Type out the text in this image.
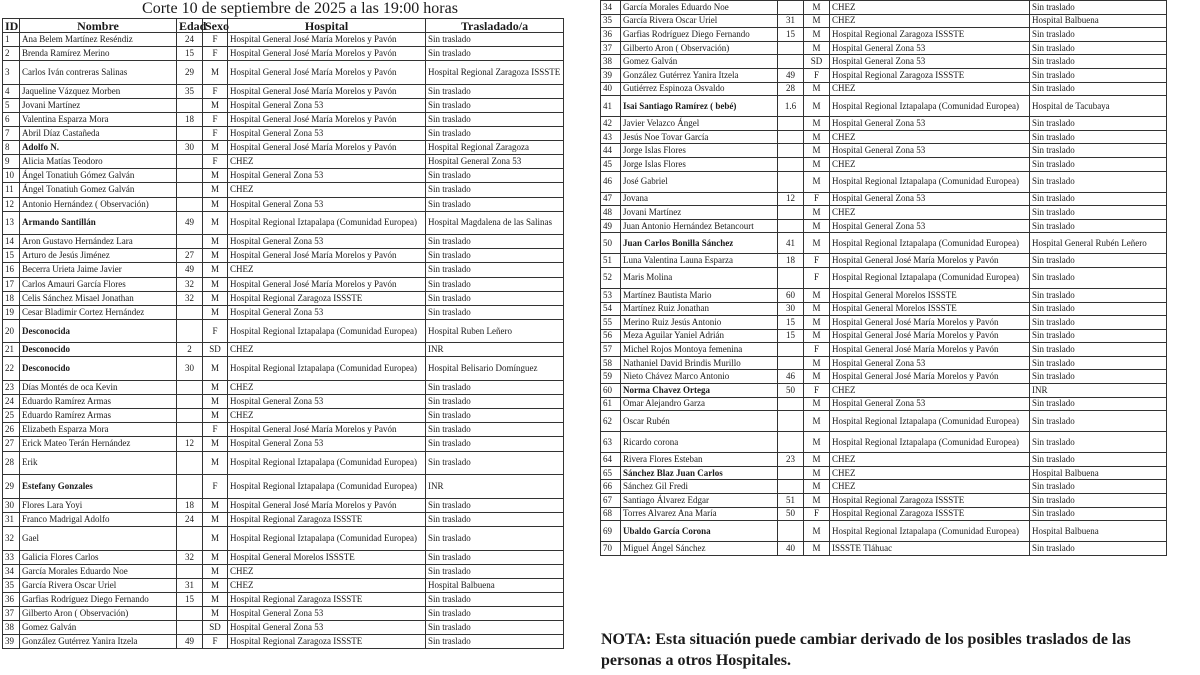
Corte 10 de septiembre de 2025 a las 19:00 horas
ID	Nombre	Edad	Sexo	Hospital	Trasladado/a
1	Ana Belem Martínez Reséndiz	24	F	Hospital General José María Morelos y Pavón	Sin traslado
2	Brenda Ramírez Merino	15	F	Hospital General José María Morelos y Pavón	Sin traslado
3	Carlos Iván contreras Salinas	29	M	Hospital General José María Morelos y Pavón	Hospital Regional Zaragoza ISSSTE
4	Jaqueline Vázquez Morben	35	F	Hospital General José María Morelos y Pavón	Sin traslado
5	Jovani Martínez		M	Hospital General Zona 53	Sin traslado
6	Valentina Esparza Mora	18	F	Hospital General José María Morelos y Pavón	Sin traslado
7	Abril Díaz Castañeda		F	Hospital General Zona 53	Sin traslado
8	Adolfo N.	30	M	Hospital General José María Morelos y Pavón	Hospital Regional Zaragoza
9	Alicia Matías Teodoro		F	CHEZ	Hospital General Zona 53
10	Ángel Tonatiuh Gómez Galván		M	Hospital General Zona 53	Sin traslado
11	Ángel Tonatiuh Gomez Galván		M	CHEZ	Sin traslado
12	Antonio Hernández ( Observación)		M	Hospital General Zona 53	Sin traslado
13	Armando Santillán	49	M	Hospital Regional Iztapalapa (Comunidad Europea)	Hospital Magdalena de las Salinas
14	Aron Gustavo Hernández Lara		M	Hospital General Zona 53	Sin traslado
15	Arturo de Jesús Jiménez	27	M	Hospital General José María Morelos y Pavón	Sin traslado
16	Becerra Urieta Jaime Javier	49	M	CHEZ	Sin traslado
17	Carlos Amauri García Flores	32	M	Hospital General José María Morelos y Pavón	Sin traslado
18	Celis Sánchez Misael Jonathan	32	M	Hospital Regional Zaragoza ISSSTE	Sin traslado
19	Cesar Bladimir Cortez Hernández		M	Hospital General Zona 53	Sin traslado
20	Desconocida		F	Hospital Regional Iztapalapa (Comunidad Europea)	Hospital Ruben Leñero
21	Desconocido	2	SD	CHEZ	INR
22	Desconocido	30	M	Hospital Regional Iztapalapa (Comunidad Europea)	Hospital Belisario Domínguez
23	Días Montés de oca Kevin		M	CHEZ	Sin traslado
24	Eduardo Ramírez Armas		M	Hospital General Zona 53	Sin traslado
25	Eduardo Ramírez Armas		M	CHEZ	Sin traslado
26	Elizabeth Esparza Mora		F	Hospital General José María Morelos y Pavón	Sin traslado
27	Erick Mateo Terán Hernández	12	M	Hospital General Zona 53	Sin traslado
28	Erik		M	Hospital Regional Iztapalapa (Comunidad Europea)	Sin traslado
29	Estefany Gonzales		F	Hospital Regional Iztapalapa (Comunidad Europea)	INR
30	Flores Lara Yoyi	18	M	Hospital General José María Morelos y Pavón	Sin traslado
31	Franco Madrigal Adolfo	24	M	Hospital Regional Zaragoza ISSSTE	Sin traslado
32	Gael		M	Hospital Regional Iztapalapa (Comunidad Europea)	Sin traslado
33	Galicia Flores Carlos	32	M	Hospital General Morelos ISSSTE	Sin traslado
34	García Morales Eduardo Noe		M	CHEZ	Sin traslado
35	García Rivera Oscar Uriel	31	M	CHEZ	Hospital Balbuena
36	Garfias Rodríguez Diego Fernando	15	M	Hospital Regional Zaragoza ISSSTE	Sin traslado
37	Gilberto Aron ( Observación)		M	Hospital General Zona 53	Sin traslado
38	Gomez Galván		SD	Hospital General Zona 53	Sin traslado
39	González Gutérrez Yanira Itzela	49	F	Hospital Regional Zaragoza ISSSTE	Sin traslado
34	García Morales Eduardo Noe		M	CHEZ	Sin traslado
35	García Rivera Oscar Uriel	31	M	CHEZ	Hospital Balbuena
36	Garfias Rodríguez Diego Fernando	15	M	Hospital Regional Zaragoza ISSSTE	Sin traslado
37	Gilberto Aron ( Observación)		M	Hospital General Zona 53	Sin traslado
38	Gomez Galván		SD	Hospital General Zona 53	Sin traslado
39	González Gutérrez Yanira Itzela	49	F	Hospital Regional Zaragoza ISSSTE	Sin traslado
40	Gutiérrez Espinoza Osvaldo	28	M	CHEZ	Sin traslado
41	Isai Santiago Ramírez ( bebé)	1.6	M	Hospital Regional Iztapalapa (Comunidad Europea)	Hospital de Tacubaya
42	Javier Velazco Ángel		M	Hospital General Zona 53	Sin traslado
43	Jesús Noe Tovar García		M	CHEZ	Sin traslado
44	Jorge Islas Flores		M	Hospital General Zona 53	Sin traslado
45	Jorge Islas Flores		M	CHEZ	Sin traslado
46	José Gabriel		M	Hospital Regional Iztapalapa (Comunidad Europea)	Sin traslado
47	Jovana	12	F	Hospital General Zona 53	Sin traslado
48	Jovani Martínez		M	CHEZ	Sin traslado
49	Juan Antonio Hernández Betancourt		M	Hospital General Zona 53	Sin traslado
50	Juan Carlos Bonilla Sánchez	41	M	Hospital Regional Iztapalapa (Comunidad Europea)	Hospital General Rubén Leñero
51	Luna Valentina Launa Esparza	18	F	Hospital General José María Morelos y Pavón	Sin traslado
52	Maris Molina		F	Hospital Regional Iztapalapa (Comunidad Europea)	Sin traslado
53	Martínez Bautista Mario	60	M	Hospital General Morelos ISSSTE	Sin traslado
54	Martínez Ruiz Jonathan	30	M	Hospital General Morelos ISSSTE	Sin traslado
55	Merino Ruiz Jesús Antonio	15	M	Hospital General José María Morelos y Pavón	Sin traslado
56	Meza Aguilar Yaniel Adrián	15	M	Hospital General José María Morelos y Pavón	Sin traslado
57	Michel Rojos Montoya femenina		F	Hospital General José María Morelos y Pavón	Sin traslado
58	Nathaniel David Brindis Murillo		M	Hospital General Zona 53	Sin traslado
59	Nieto Chávez Marco Antonio	46	M	Hospital General José María Morelos y Pavón	Sin traslado
60	Norma Chavez Ortega	50	F	CHEZ	INR
61	Omar Alejandro Garza		M	Hospital General Zona 53	Sin traslado
62	Oscar Rubén		M	Hospital Regional Iztapalapa (Comunidad Europea)	Sin traslado
63	Ricardo corona		M	Hospital Regional Iztapalapa (Comunidad Europea)	Sin traslado
64	Rivera Flores Esteban	23	M	CHEZ	Sin traslado
65	Sánchez Blaz Juan Carlos		M	CHEZ	Hospital Balbuena
66	Sánchez Gil Fredi		M	CHEZ	Sin traslado
67	Santiago Álvarez Edgar	51	M	Hospital Regional Zaragoza ISSSTE	Sin traslado
68	Torres Alvarez Ana María	50	F	Hospital Regional Zaragoza ISSSTE	Sin traslado
69	Ubaldo García Corona		M	Hospital Regional Iztapalapa (Comunidad Europea)	Hospital Balbuena
70	Miguel Ángel Sánchez	40	M	ISSSTE Tláhuac	Sin traslado
NOTA: Esta situación puede cambiar derivado de los posibles traslados de las personas a otros Hospitales.
